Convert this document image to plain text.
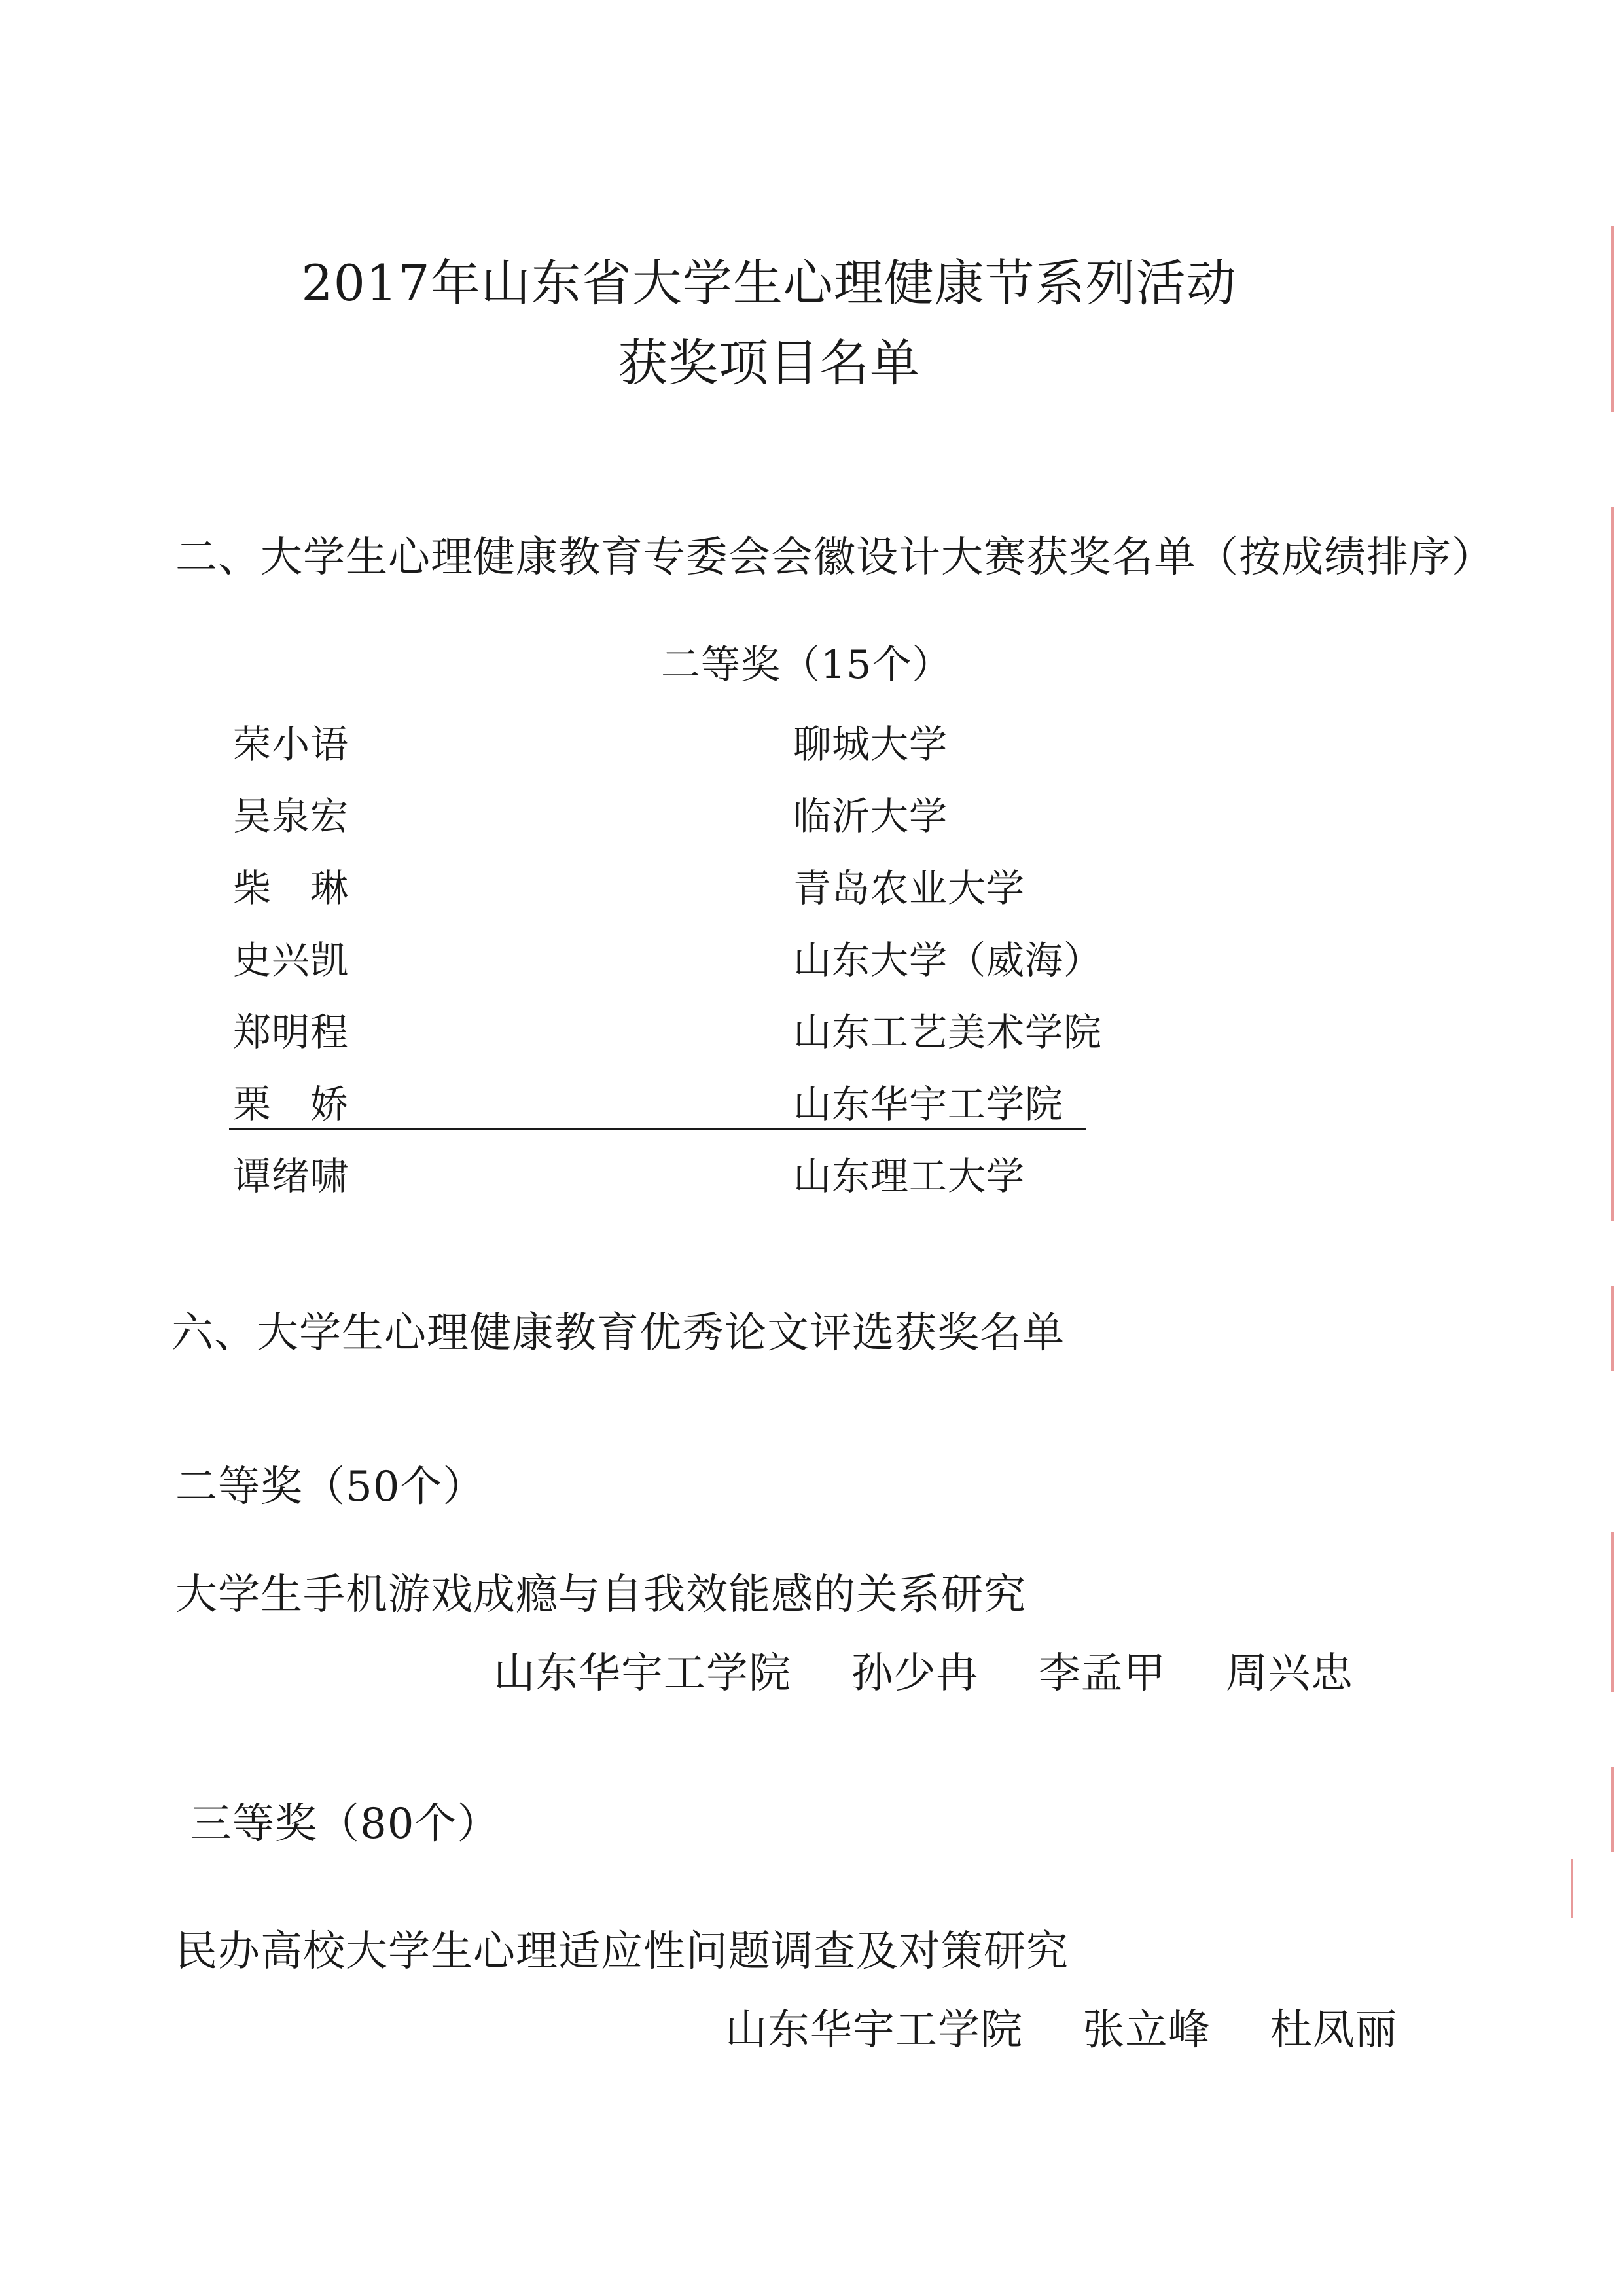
2017年山东省大学生心理健康节系列活动
获奖项目名单
二、大学生心理健康教育专委会会徽设计大赛获奖名单（按成绩排序）
二等奖（15个）
荣小语	聊城大学
吴泉宏	临沂大学
柴　琳	青岛农业大学
史兴凯	山东大学（威海）
郑明程	山东工艺美术学院
栗　娇	山东华宇工学院
谭绪啸	山东理工大学
六、大学生心理健康教育优秀论文评选获奖名单
二等奖（50个）
大学生手机游戏成瘾与自我效能感的关系研究
山东华宇工学院 孙少冉 李孟甲 周兴忠
三等奖（80个）
民办高校大学生心理适应性问题调查及对策研究
山东华宇工学院 张立峰 杜凤丽
